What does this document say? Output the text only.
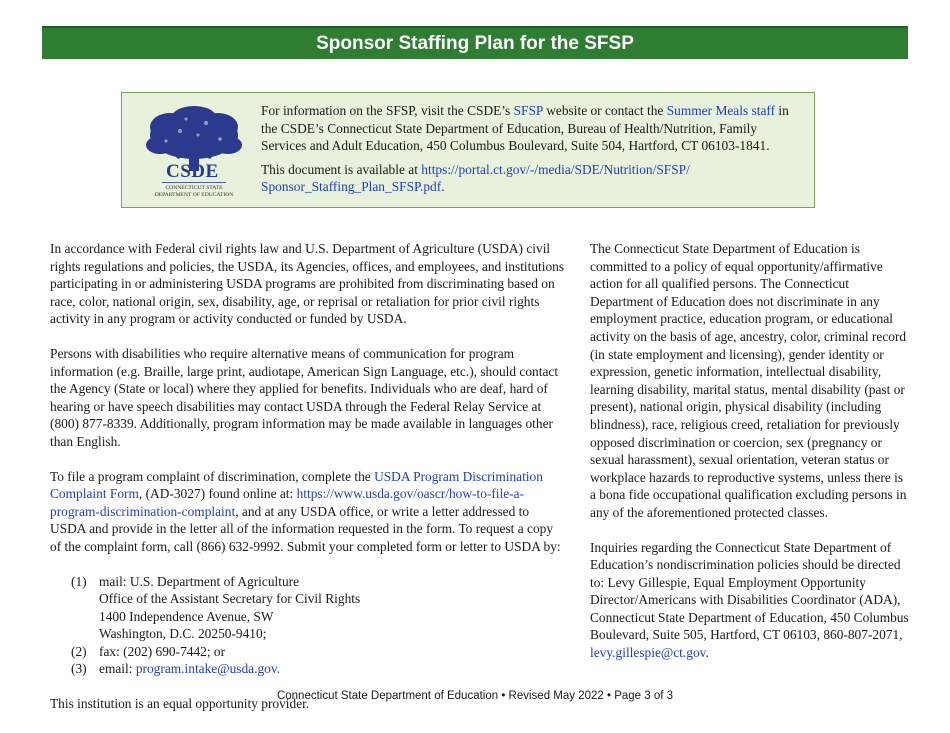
Sponsor Staffing Plan for the SFSP
CSDE
CONNECTICUT STATE
DEPARTMENT OF EDUCATION

For information on the SFSP, visit the CSDE’s SFSP website or contact the Summer Meals staff in the CSDE’s Connecticut State Department of Education, Bureau of Health/Nutrition, Family Services and Adult Education, 450 Columbus Boulevard, Suite 504, Hartford, CT 06103-1841.

This document is available at https://portal.ct.gov/-/media/SDE/Nutrition/SFSP/ Sponsor_Staffing_Plan_SFSP.pdf.

In accordance with Federal civil rights law and U.S. Department of Agriculture (USDA) civil rights regulations and policies, the USDA, its Agencies, offices, and employees, and institutions participating in or administering USDA programs are prohibited from discriminating based on race, color, national origin, sex, disability, age, or reprisal or retaliation for prior civil rights activity in any program or activity conducted or funded by USDA.

Persons with disabilities who require alternative means of communication for program information (e.g. Braille, large print, audiotape, American Sign Language, etc.), should contact the Agency (State or local) where they applied for benefits. Individuals who are deaf, hard of hearing or have speech disabilities may contact USDA through the Federal Relay Service at (800) 877-8339. Additionally, program information may be made available in languages other than English.

To file a program complaint of discrimination, complete the USDA Program Discrimination Complaint Form, (AD-3027) found online at: https://www.usda.gov/oascr/how-to-file-a-program-discrimination-complaint, and at any USDA office, or write a letter addressed to USDA and provide in the letter all of the information requested in the form. To request a copy of the complaint form, call (866) 632-9992. Submit your completed form or letter to USDA by:

(1) mail: U.S. Department of Agriculture
Office of the Assistant Secretary for Civil Rights
1400 Independence Avenue, SW
Washington, D.C. 20250-9410;
(2) fax: (202) 690-7442; or
(3) email: program.intake@usda.gov.

This institution is an equal opportunity provider.

The Connecticut State Department of Education is committed to a policy of equal opportunity/affirmative action for all qualified persons. The Connecticut Department of Education does not discriminate in any employment practice, education program, or educational activity on the basis of age, ancestry, color, criminal record (in state employment and licensing), gender identity or expression, genetic information, intellectual disability, learning disability, marital status, mental disability (past or present), national origin, physical disability (including blindness), race, religious creed, retaliation for previously opposed discrimination or coercion, sex (pregnancy or sexual harassment), sexual orientation, veteran status or workplace hazards to reproductive systems, unless there is a bona fide occupational qualification excluding persons in any of the aforementioned protected classes.

Inquiries regarding the Connecticut State Department of Education’s nondiscrimination policies should be directed to: Levy Gillespie, Equal Employment Opportunity Director/Americans with Disabilities Coordinator (ADA), Connecticut State Department of Education, 450 Columbus Boulevard, Suite 505, Hartford, CT 06103, 860-807-2071, levy.gillespie@ct.gov.

Connecticut State Department of Education • Revised May 2022 • Page 3 of 3
